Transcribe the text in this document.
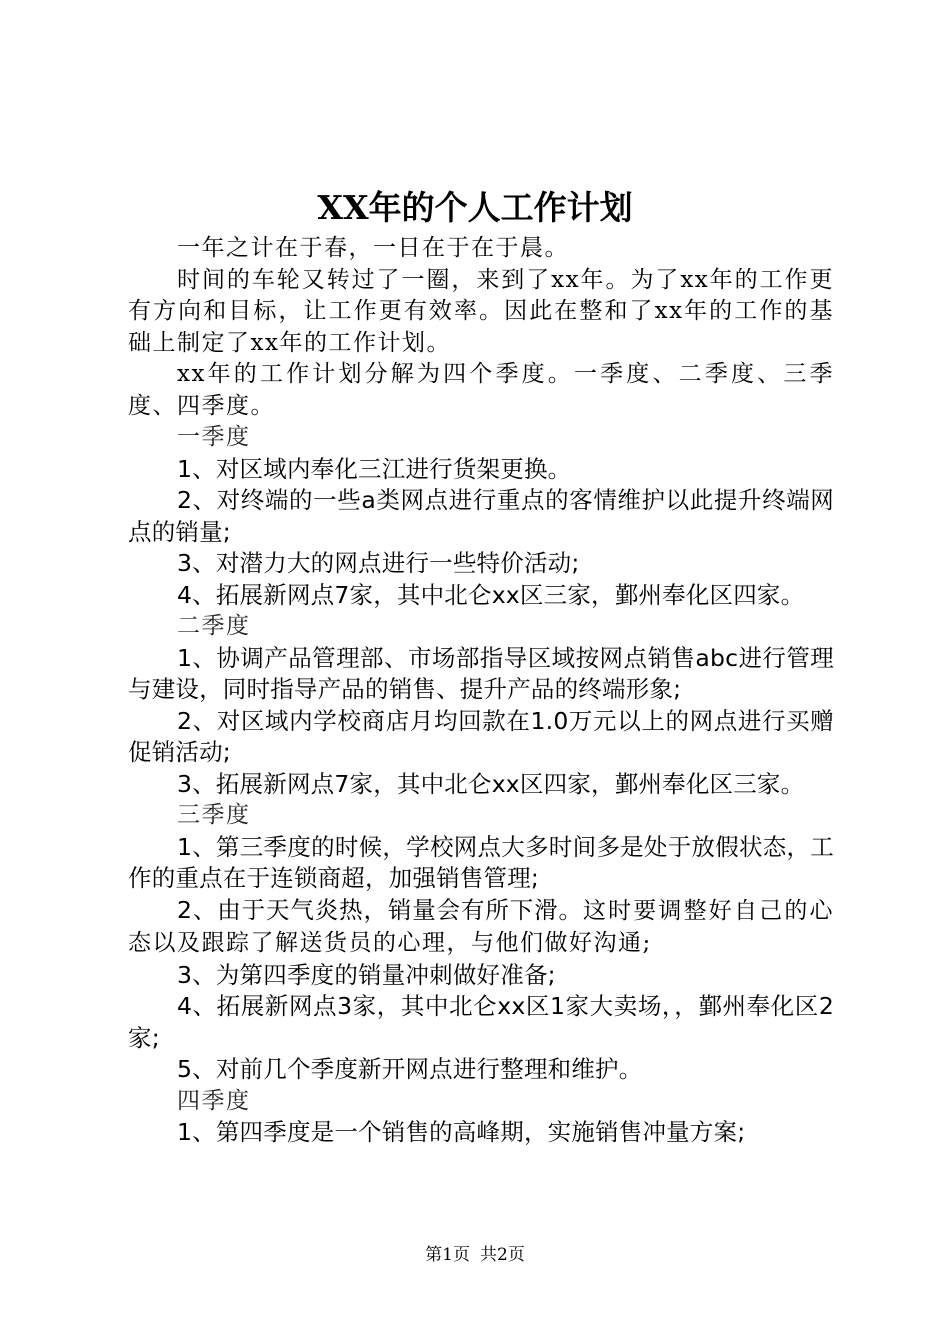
XX年的个人工作计划

一年之计在于春，一日在于在于晨。

时间的车轮又转过了一圈，来到了xx年。为了xx年的工作更有方向和目标，让工作更有效率。因此在整和了xx年的工作的基础上制定了xx年的工作计划。

xx年的工作计划分解为四个季度。一季度、二季度、三季度、四季度。

一季度

1、对区域内奉化三江进行货架更换。

2、对终端的一些a类网点进行重点的客情维护以此提升终端网点的销量;

3、对潜力大的网点进行一些特价活动;

4、拓展新网点7家，其中北仑xx区三家，鄞州奉化区四家。

二季度

1、协调产品管理部、市场部指导区域按网点销售abc进行管理与建设，同时指导产品的销售、提升产品的终端形象;

2、对区域内学校商店月均回款在1.0万元以上的网点进行买赠促销活动;

3、拓展新网点7家，其中北仑xx区四家，鄞州奉化区三家。

三季度

1、第三季度的时候，学校网点大多时间多是处于放假状态，工作的重点在于连锁商超，加强销售管理;

2、由于天气炎热，销量会有所下滑。这时要调整好自己的心态以及跟踪了解送货员的心理，与他们做好沟通;

3、为第四季度的销量冲刺做好准备;

4、拓展新网点3家，其中北仑xx区1家大卖场，，鄞州奉化区2家;

5、对前几个季度新开网点进行整理和维护。

四季度

1、第四季度是一个销售的高峰期，实施销售冲量方案;

第1页 共2页
